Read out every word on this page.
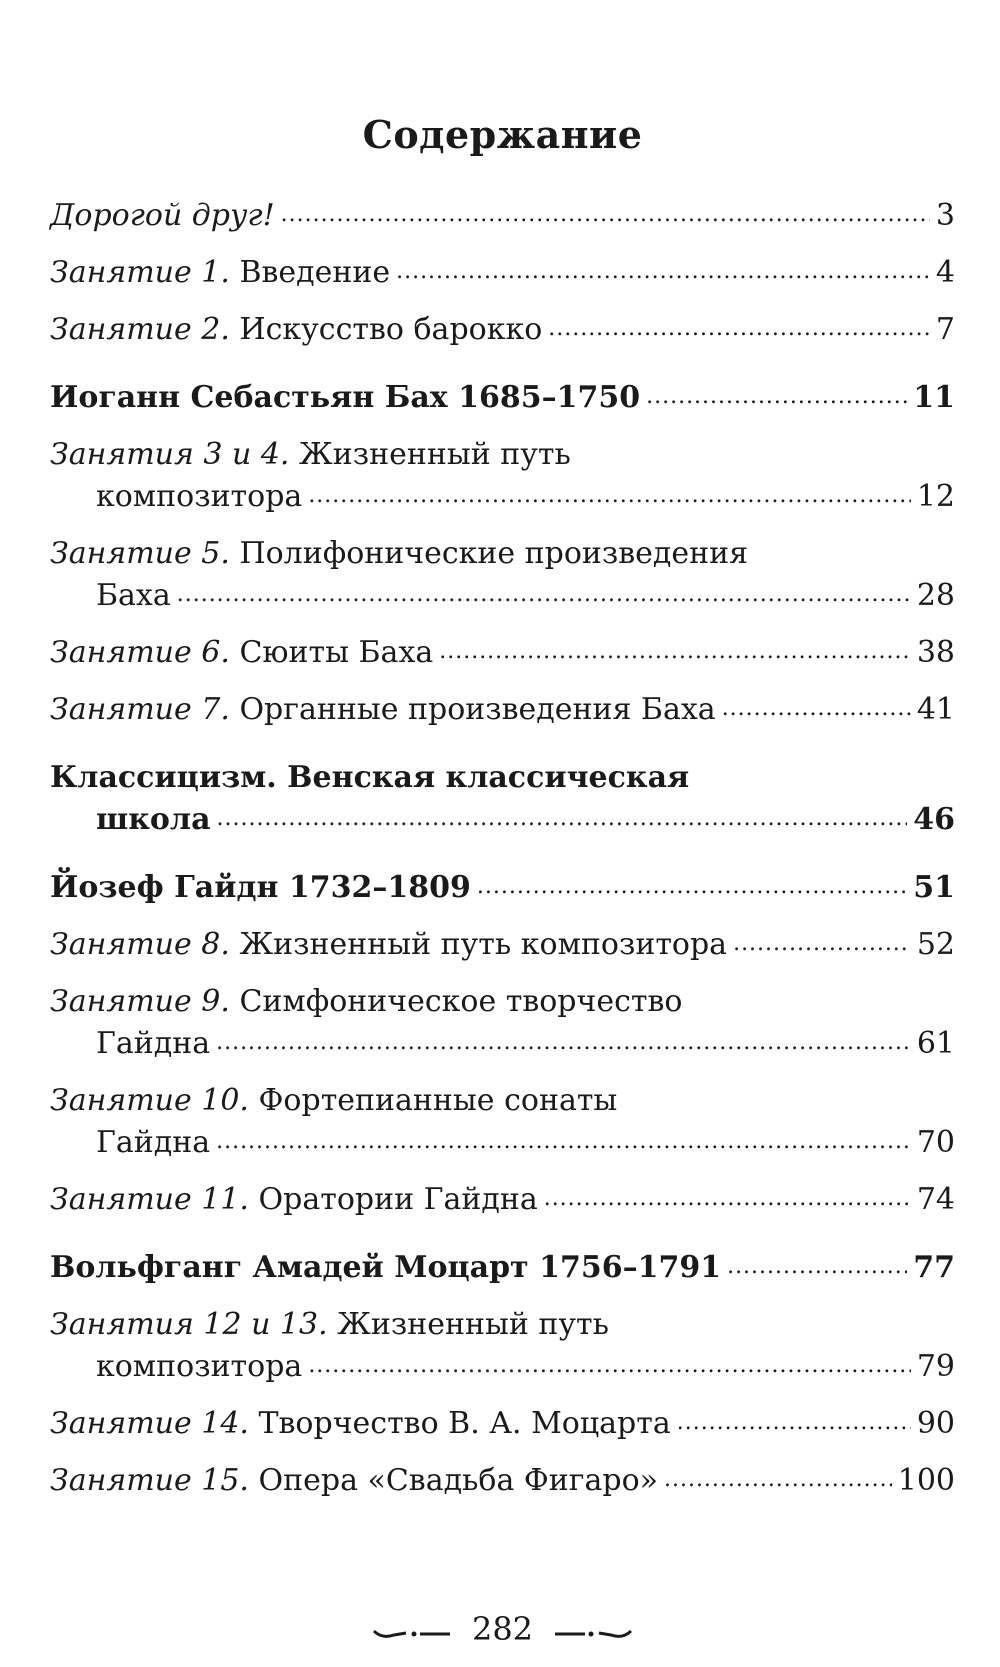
Содержание
Дорогой друг! . . .	3
Занятие 1. Введение . . .	4
Занятие 2. Искусство барокко . . .	7
Иоганн Себастьян Бах 1685–1750 . . .	11
Занятия 3 и 4. Жизненный путь
композитора . . .	12
Занятие 5. Полифонические произведения
Баха . . .	28
Занятие 6. Сюиты Баха . . .	38
Занятие 7. Органные произведения Баха . . .	41
Классицизм. Венская классическая
школа . . .	46
Йозеф Гайдн 1732–1809 . . .	51
Занятие 8. Жизненный путь композитора . . .	52
Занятие 9. Симфоническое творчество
Гайдна . . .	61
Занятие 10. Фортепианные сонаты
Гайдна . . .	70
Занятие 11. Оратории Гайдна . . .	74
Вольфганг Амадей Моцарт 1756–1791 . . .	77
Занятия 12 и 13. Жизненный путь
композитора . . .	79
Занятие 14. Творчество В. А. Моцарта . . .	90
Занятие 15. Опера «Свадьба Фигаро» . . .	100
282
